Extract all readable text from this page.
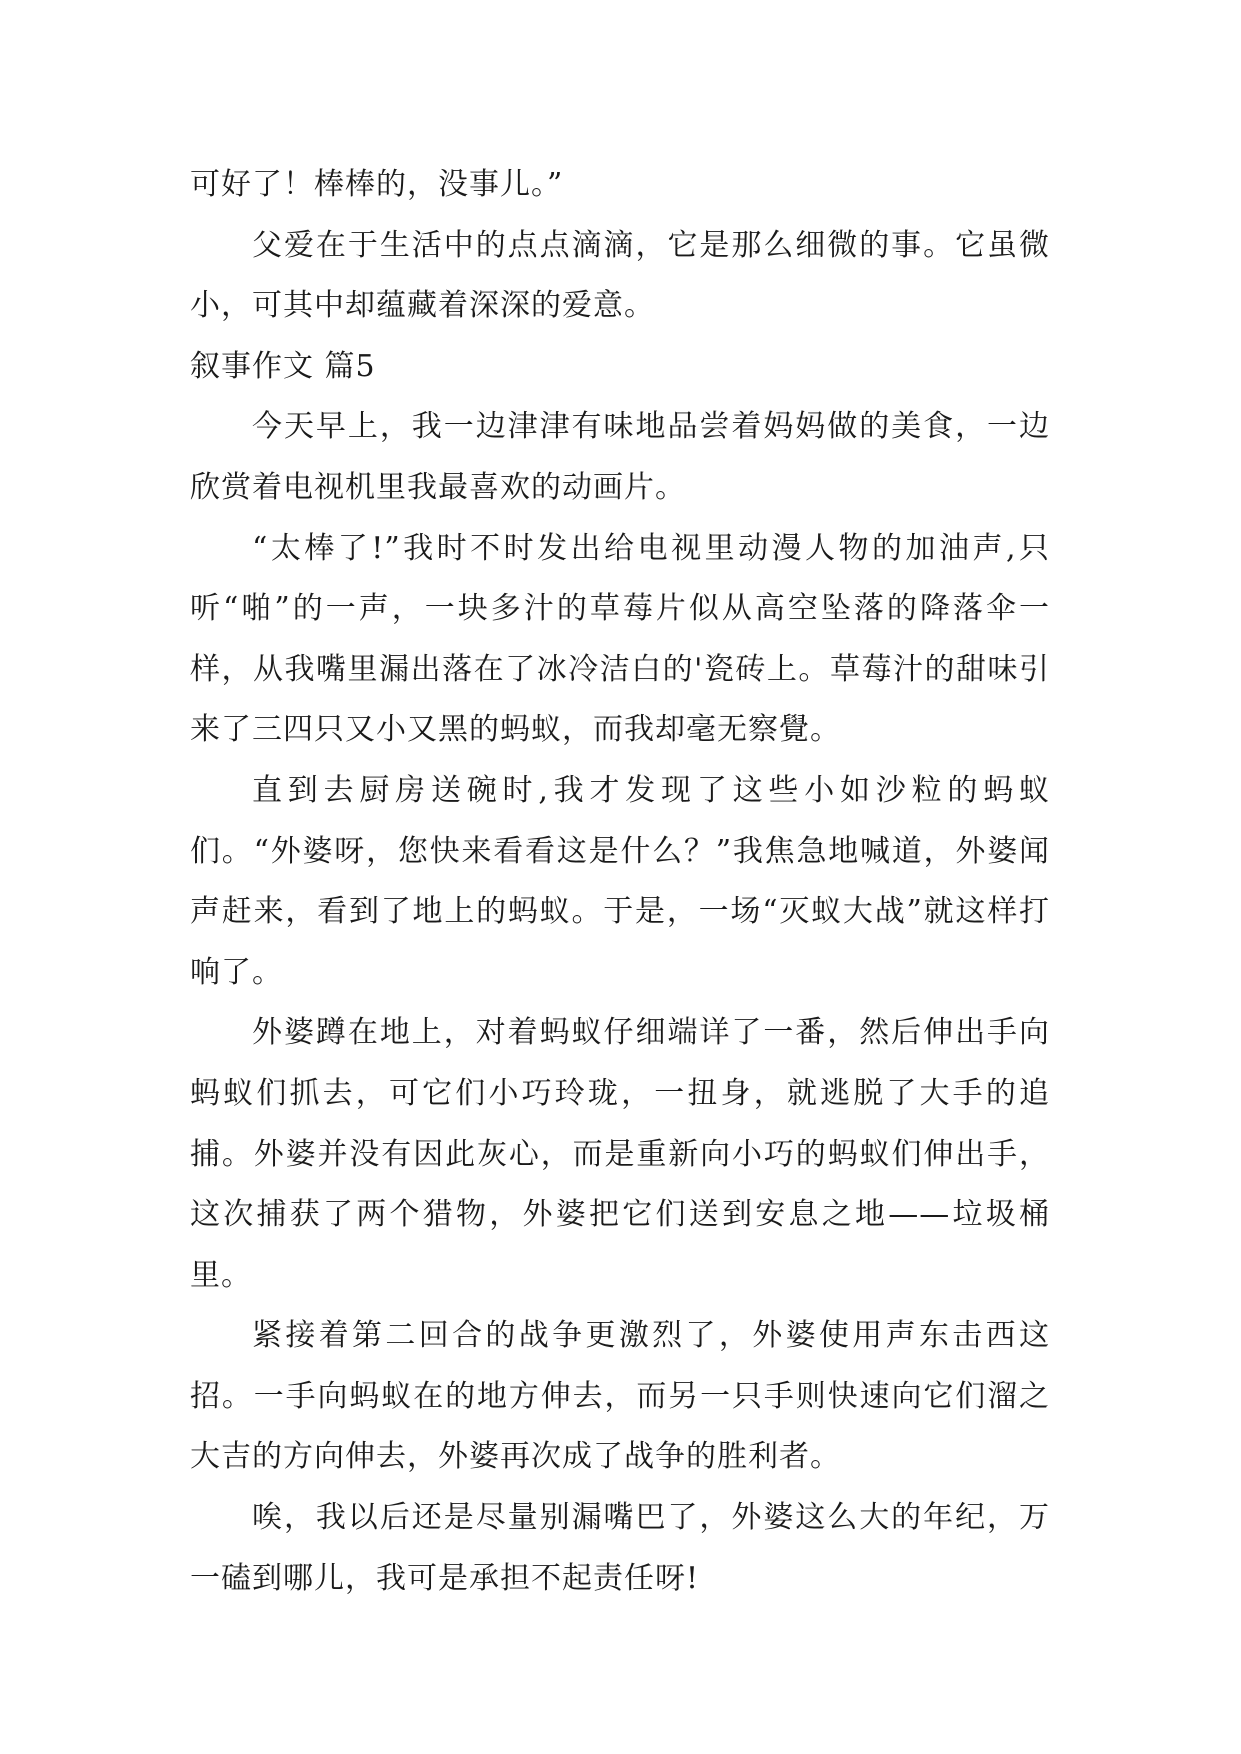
可好了！棒棒的，没事儿。”

父爱在于生活中的点点滴滴，它是那么细微的事。它虽微小，可其中却蕴藏着深深的爱意。

叙事作文 篇5

今天早上，我一边津津有味地品尝着妈妈做的美食，一边欣赏着电视机里我最喜欢的动画片。

“太棒了!”我时不时发出给电视里动漫人物的加油声,只听“啪”的一声，一块多汁的草莓片似从高空坠落的降落伞一样，从我嘴里漏出落在了冰冷洁白的'瓷砖上。草莓汁的甜味引来了三四只又小又黑的蚂蚁，而我却毫无察覺。

直到去厨房送碗时,我才发现了这些小如沙粒的蚂蚁们。“外婆呀，您快来看看这是什么？”我焦急地喊道，外婆闻声赶来，看到了地上的蚂蚁。于是，一场“灭蚁大战”就这样打响了。

外婆蹲在地上，对着蚂蚁仔细端详了一番，然后伸出手向蚂蚁们抓去，可它们小巧玲珑，一扭身，就逃脱了大手的追捕。外婆并没有因此灰心，而是重新向小巧的蚂蚁们伸出手，这次捕获了两个猎物，外婆把它们送到安息之地——垃圾桶里。

紧接着第二回合的战争更激烈了，外婆使用声东击西这招。一手向蚂蚁在的地方伸去，而另一只手则快速向它们溜之大吉的方向伸去，外婆再次成了战争的胜利者。

唉，我以后还是尽量别漏嘴巴了，外婆这么大的年纪，万一磕到哪儿，我可是承担不起责任呀!
